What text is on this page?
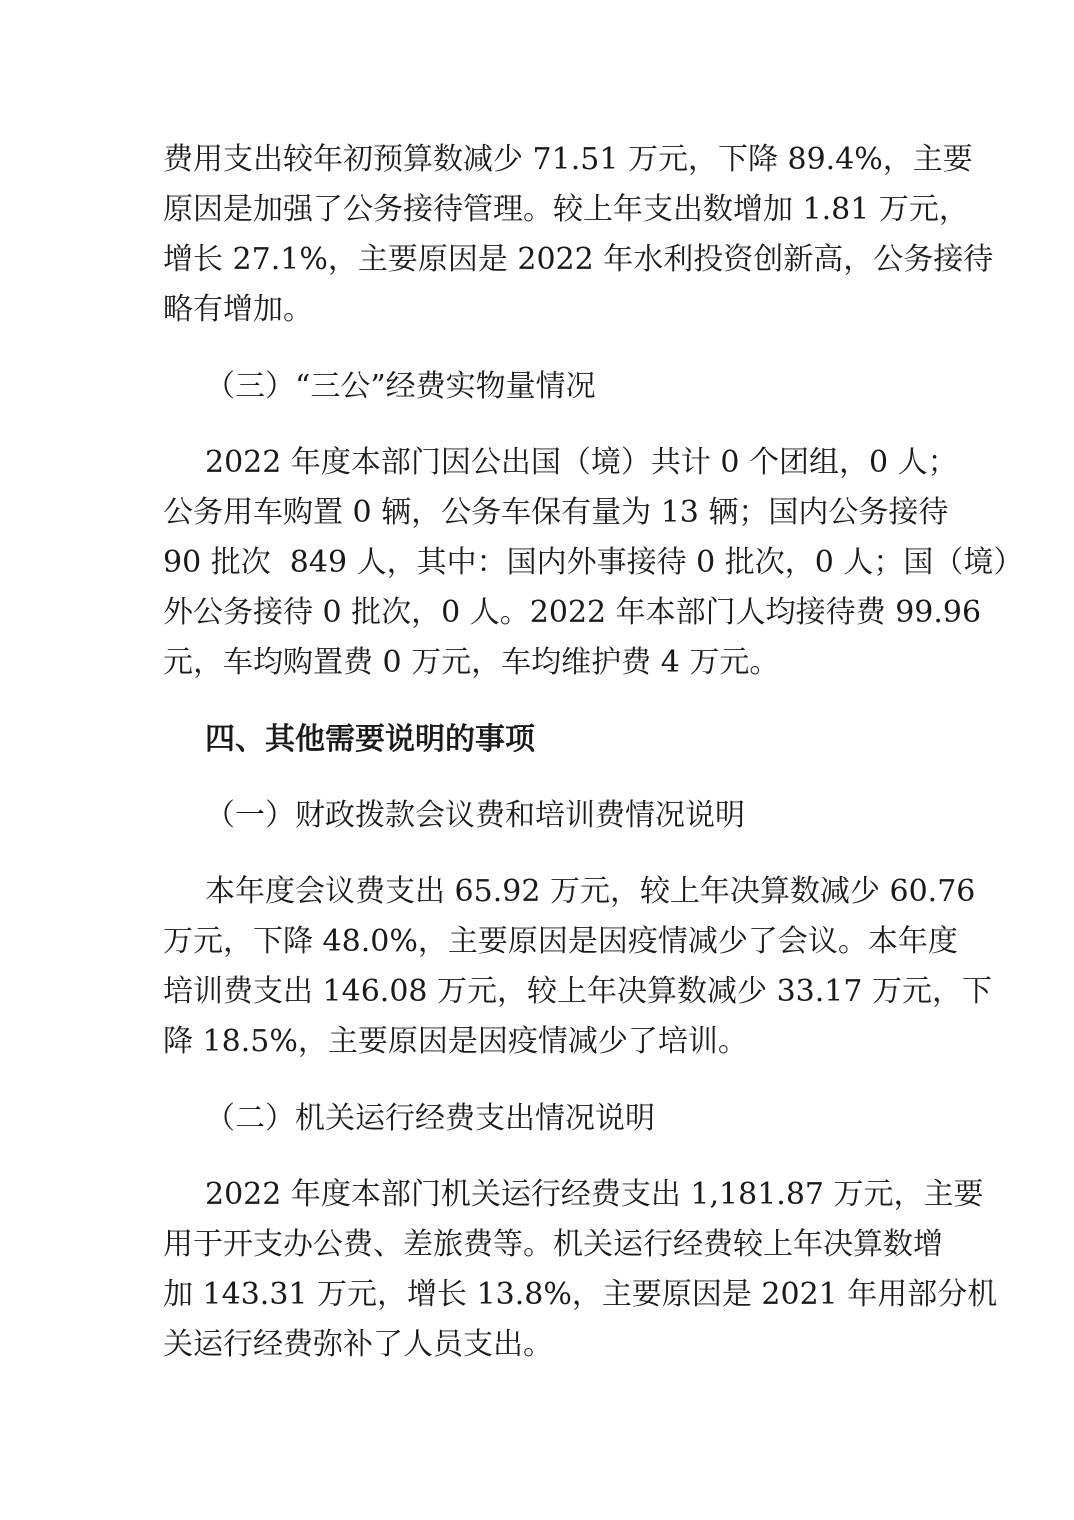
费用支出较年初预算数减少 71.51 万元，下降 89.4%，主要
原因是加强了公务接待管理。较上年支出数增加 1.81 万元，
增长 27.1%，主要原因是 2022 年水利投资创新高，公务接待
略有增加。
（三）“三公”经费实物量情况
2022 年度本部门因公出国（境）共计 0 个团组，0 人；
公务用车购置 0 辆，公务车保有量为 13 辆；国内公务接待
90 批次  849 人，其中：国内外事接待 0 批次，0 人；国（境）
外公务接待 0 批次，0 人。2022 年本部门人均接待费 99.96
元，车均购置费 0 万元，车均维护费 4 万元。
四、其他需要说明的事项
（一）财政拨款会议费和培训费情况说明
本年度会议费支出 65.92 万元，较上年决算数减少 60.76
万元，下降 48.0%，主要原因是因疫情减少了会议。本年度
培训费支出 146.08 万元，较上年决算数减少 33.17 万元，下
降 18.5%，主要原因是因疫情减少了培训。
（二）机关运行经费支出情况说明
2022 年度本部门机关运行经费支出 1,181.87 万元，主要
用于开支办公费、差旅费等。机关运行经费较上年决算数增
加 143.31 万元，增长 13.8%，主要原因是 2021 年用部分机
关运行经费弥补了人员支出。
